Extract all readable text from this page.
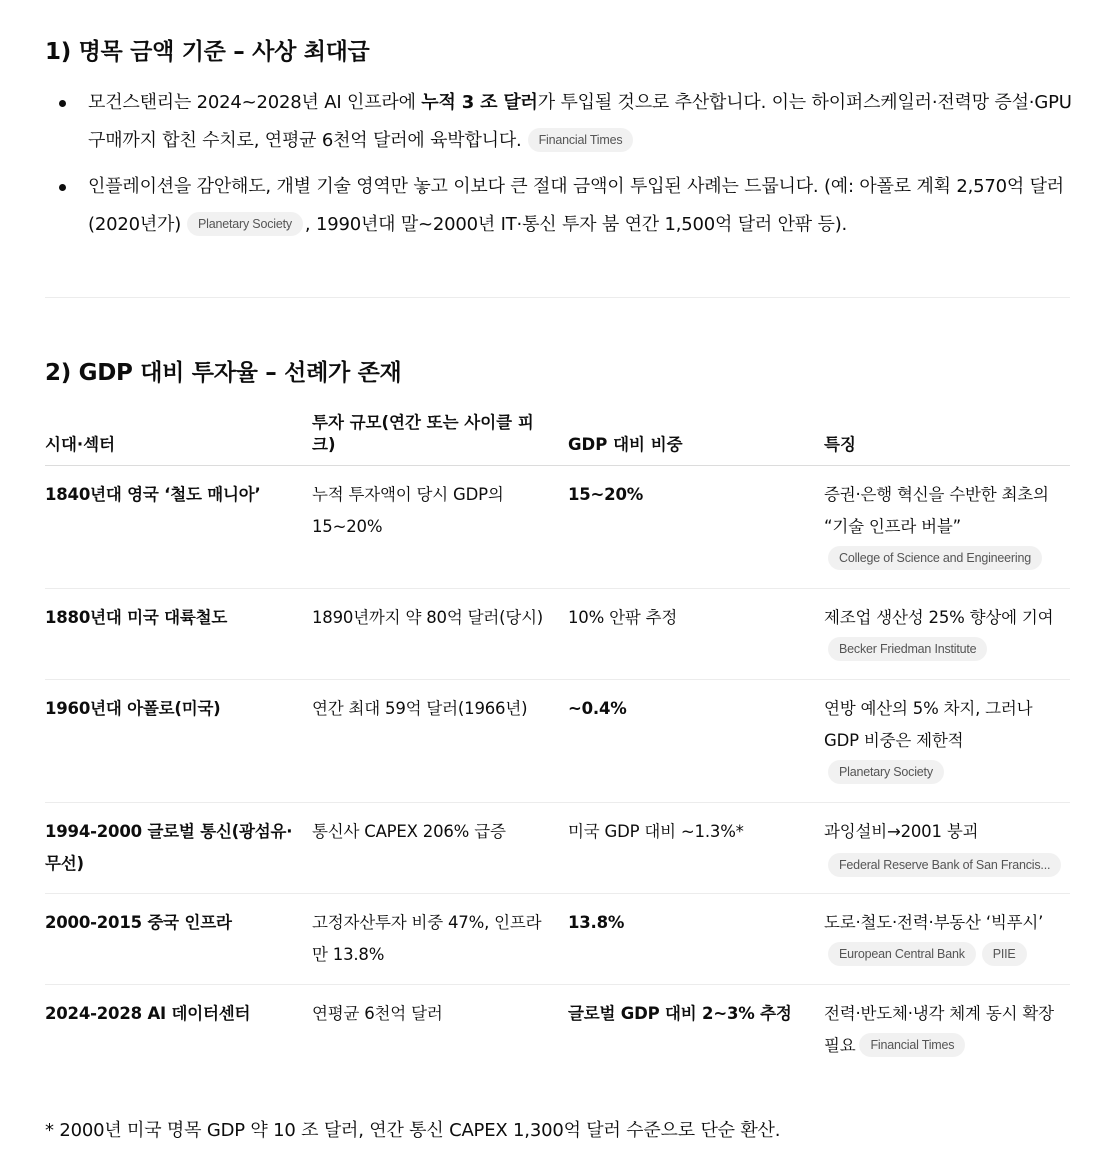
1) 명목 금액 기준 – 사상 최대급
모건스탠리는 2024~2028년 AI 인프라에 누적 3 조 달러가 투입될 것으로 추산합니다. 이는 하이퍼스케일러·전력망 증설·GPU 구매까지 합친 수치로, 연평균 6천억 달러에 육박합니다. Financial Times
인플레이션을 감안해도, 개별 기술 영역만 놓고 이보다 큰 절대 금액이 투입된 사례는 드뭅니다. (예: 아폴로 계획 2,570억 달러(2020년가) Planetary Society , 1990년대 말~2000년 IT·통신 투자 붐 연간 1,500억 달러 안팎 등).
2) GDP 대비 투자율 – 선례가 존재
시대·섹터	투자 규모(연간 또는 사이클 피크)	GDP 대비 비중	특징
1840년대 영국 ‘철도 매니아’	누적 투자액이 당시 GDP의 15~20%	15~20%	증권·은행 혁신을 수반한 최초의 “기술 인프라 버블”
College of Science and Engineering

1880년대 미국 대륙철도	1890년까지 약 80억 달러(당시)	10% 안팎 추정	제조업 생산성 25% 향상에 기여
Becker Friedman Institute

1960년대 아폴로(미국)	연간 최대 59억 달러(1966년)	~0.4%	연방 예산의 5% 차지, 그러나 GDP 비중은 제한적
Planetary Society

1994-2000 글로벌 통신(광섬유·무선)	통신사 CAPEX 206% 급증	미국 GDP 대비 ~1.3%*	과잉설비→2001 붕괴
Federal Reserve Bank of San Francis...

2000-2015 중국 인프라	고정자산투자 비중 47%, 인프라만 13.8%	13.8%	도로·철도·전력·부동산 ‘빅푸시’
European Central Bank PIIE

2024-2028 AI 데이터센터	연평균 6천억 달러	글로벌 GDP 대비 2~3% 추정	전력·반도체·냉각 체계 동시 확장 필요 Financial Times

* 2000년 미국 명목 GDP 약 10 조 달러, 연간 통신 CAPEX 1,300억 달러 수준으로 단순 환산.
